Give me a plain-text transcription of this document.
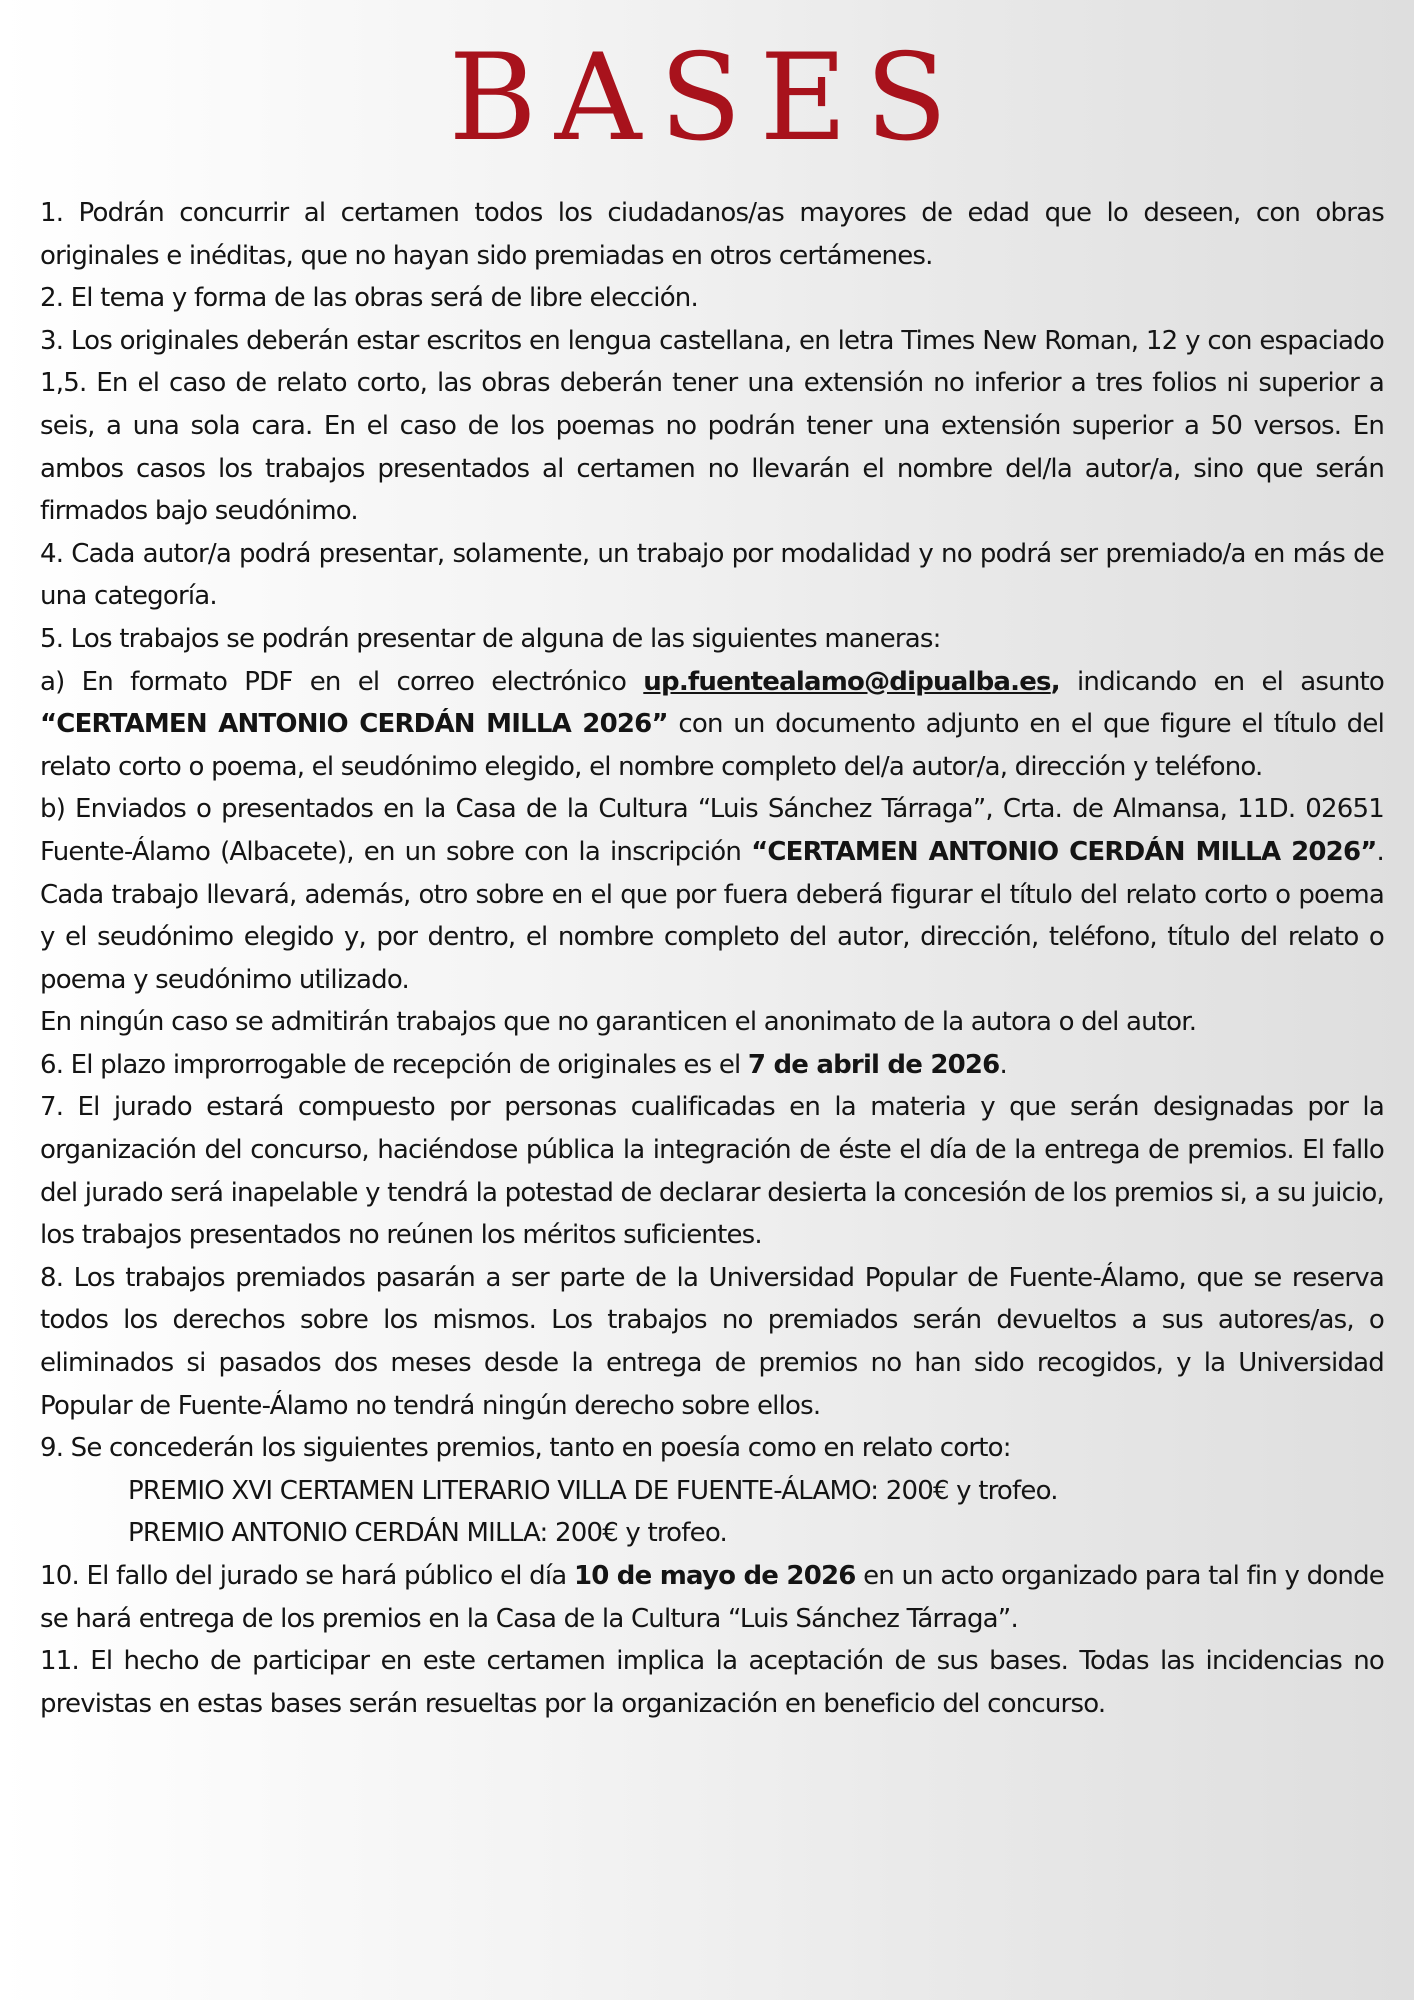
BASES

1. Podrán concurrir al certamen todos los ciudadanos/as mayores de edad que lo deseen, con obras originales e inéditas, que no hayan sido premiadas en otros certámenes.

2. El tema y forma de las obras será de libre elección.

3. Los originales deberán estar escritos en lengua castellana, en letra Times New Roman, 12 y con espaciado 1,5. En el caso de relato corto, las obras deberán tener una extensión no inferior a tres folios ni superior a seis, a una sola cara. En el caso de los poemas no podrán tener una extensión superior a 50 versos. En ambos casos los trabajos presentados al certamen no llevarán el nombre del/la autor/a, sino que serán firmados bajo seudónimo.

4. Cada autor/a podrá presentar, solamente, un trabajo por modalidad y no podrá ser premiado/a en más de una categoría.

5. Los trabajos se podrán presentar de alguna de las siguientes maneras:

a) En formato PDF en el correo electrónico up.fuentealamo@dipualba.es, indicando en el asunto “CERTAMEN ANTONIO CERDÁN MILLA 2026” con un documento adjunto en el que figure el título del relato corto o poema, el seudónimo elegido, el nombre completo del/a autor/a, dirección y teléfono.

b) Enviados o presentados en la Casa de la Cultura “Luis Sánchez Tárraga”, Crta. de Almansa, 11D. 02651 Fuente-Álamo (Albacete), en un sobre con la inscripción “CERTAMEN ANTONIO CERDÁN MILLA 2026”. Cada trabajo llevará, además, otro sobre en el que por fuera deberá figurar el título del relato corto o poema y el seudónimo elegido y, por dentro, el nombre completo del autor, dirección, teléfono, título del relato o poema y seudónimo utilizado.

En ningún caso se admitirán trabajos que no garanticen el anonimato de la autora o del autor.

6. El plazo improrrogable de recepción de originales es el 7 de abril de 2026.

7. El jurado estará compuesto por personas cualificadas en la materia y que serán designadas por la organización del concurso, haciéndose pública la integración de éste el día de la entrega de premios. El fallo del jurado será inapelable y tendrá la potestad de declarar desierta la concesión de los premios si, a su juicio, los trabajos presentados no reúnen los méritos suficientes.

8. Los trabajos premiados pasarán a ser parte de la Universidad Popular de Fuente-Álamo, que se reserva todos los derechos sobre los mismos. Los trabajos no premiados serán devueltos a sus autores/as, o eliminados si pasados dos meses desde la entrega de premios no han sido recogidos, y la Universidad Popular de Fuente-Álamo no tendrá ningún derecho sobre ellos.

9. Se concederán los siguientes premios, tanto en poesía como en relato corto:

PREMIO XVI CERTAMEN LITERARIO VILLA DE FUENTE-ÁLAMO: 200€ y trofeo.

PREMIO ANTONIO CERDÁN MILLA: 200€ y trofeo.

10. El fallo del jurado se hará público el día 10 de mayo de 2026 en un acto organizado para tal fin y donde se hará entrega de los premios en la Casa de la Cultura “Luis Sánchez Tárraga”.

11. El hecho de participar en este certamen implica la aceptación de sus bases. Todas las incidencias no previstas en estas bases serán resueltas por la organización en beneficio del concurso.
